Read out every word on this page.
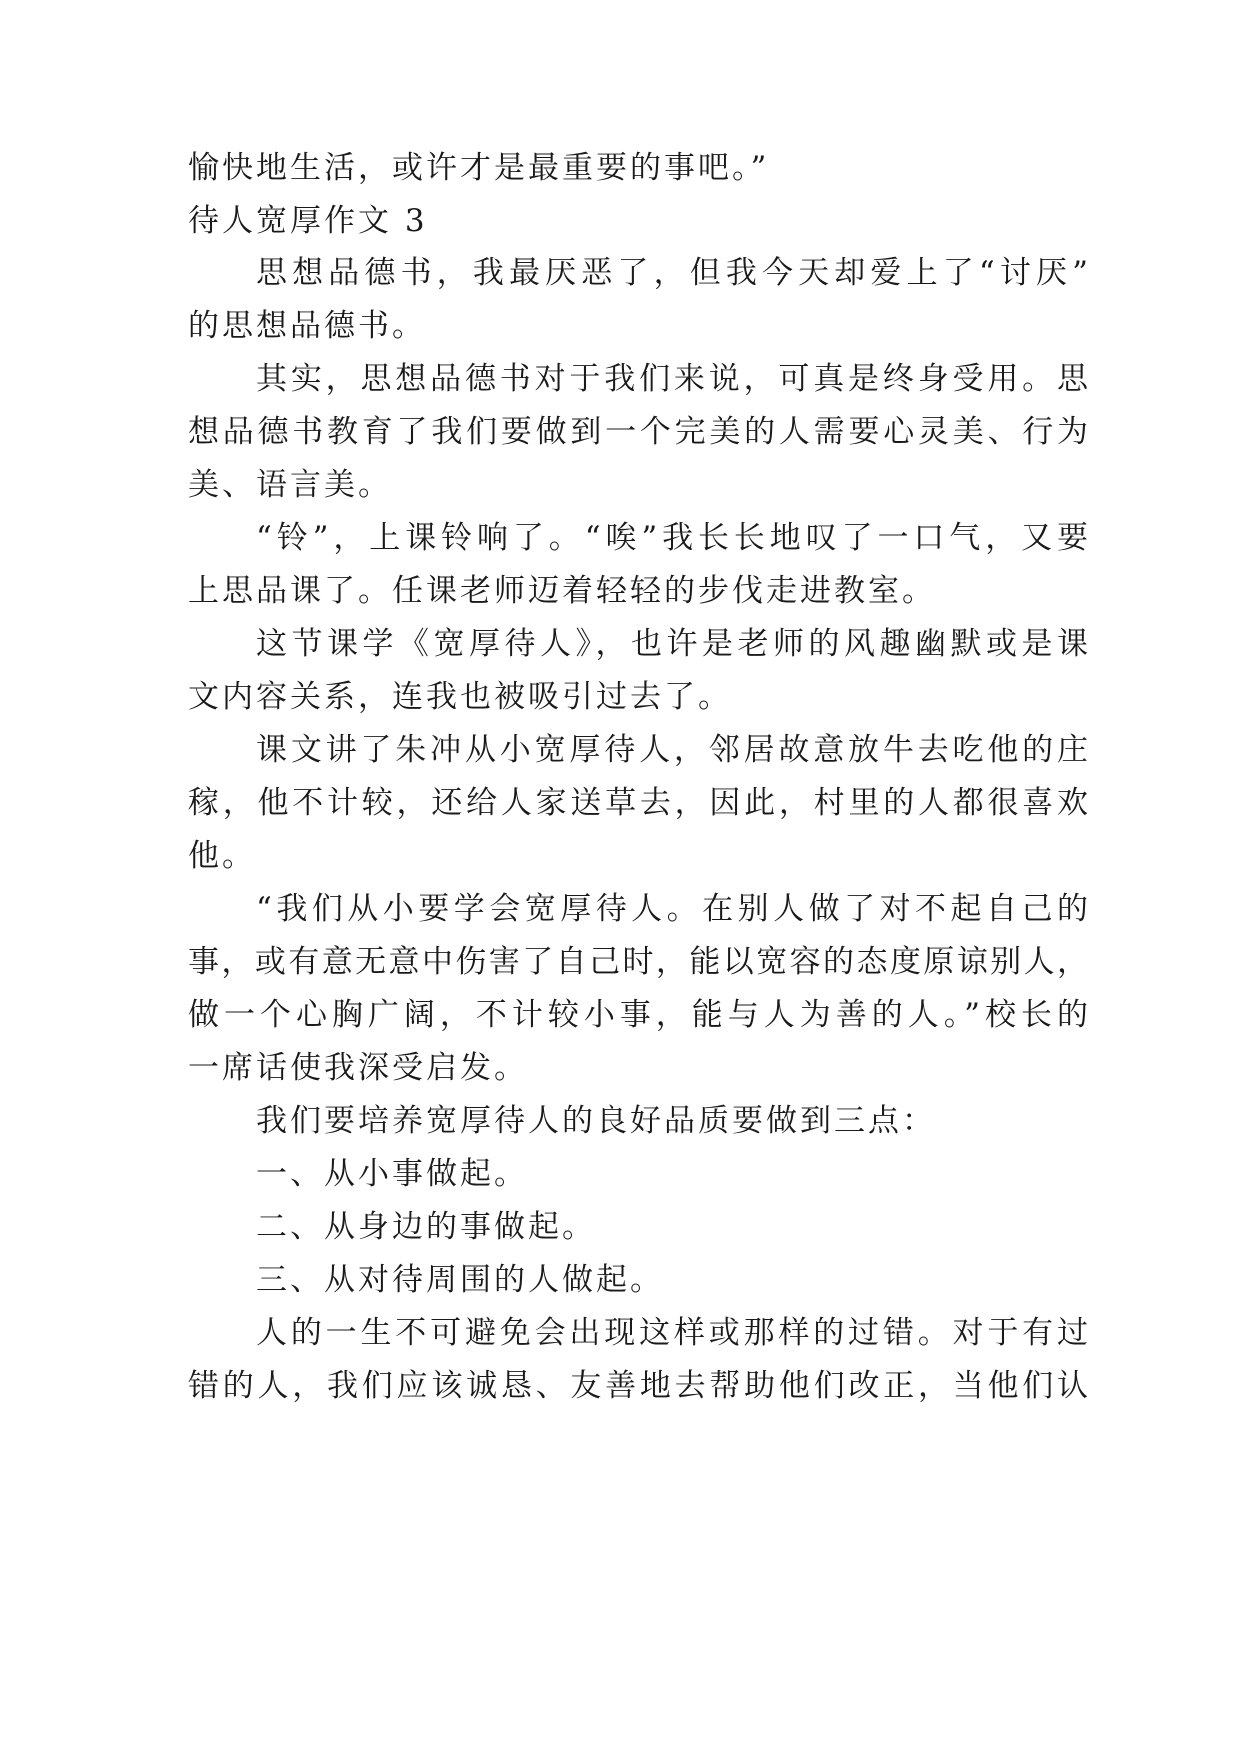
愉快地生活，或许才是最重要的事吧。”
待人宽厚作文 3
思想品德书，我最厌恶了，但我今天却爱上了“讨厌”
的思想品德书。
其实，思想品德书对于我们来说，可真是终身受用。思
想品德书教育了我们要做到一个完美的人需要心灵美、行为
美、语言美。
“铃”，上课铃响了。“唉”我长长地叹了一口气，又要
上思品课了。任课老师迈着轻轻的步伐走进教室。
这节课学《宽厚待人》，也许是老师的风趣幽默或是课
文内容关系，连我也被吸引过去了。
课文讲了朱冲从小宽厚待人，邻居故意放牛去吃他的庄
稼，他不计较，还给人家送草去，因此，村里的人都很喜欢
他。
“我们从小要学会宽厚待人。在别人做了对不起自己的
事，或有意无意中伤害了自己时，能以宽容的态度原谅别人，
做一个心胸广阔，不计较小事，能与人为善的人。”校长的
一席话使我深受启发。
我们要培养宽厚待人的良好品质要做到三点：
一、从小事做起。
二、从身边的事做起。
三、从对待周围的人做起。
人的一生不可避免会出现这样或那样的过错。对于有过
错的人，我们应该诚恳、友善地去帮助他们改正，当他们认
